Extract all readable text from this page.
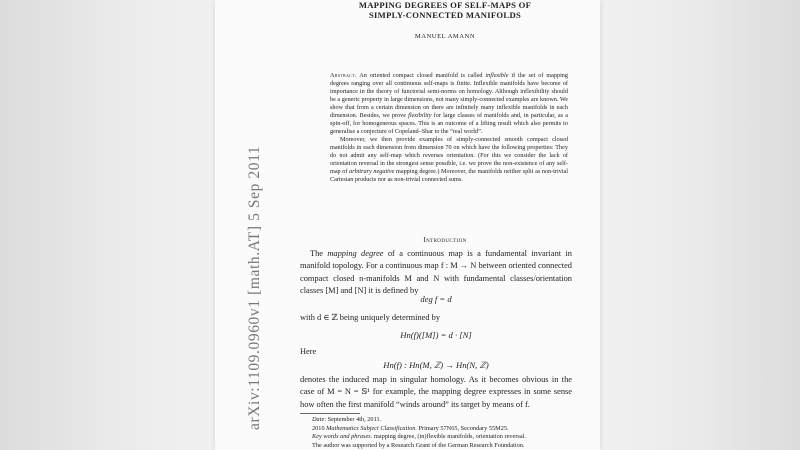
arXiv:1109.0960v1 [math.AT] 5 Sep 2011
MAPPING DEGREES OF SELF-MAPS OF
SIMPLY-CONNECTED MANIFOLDS
MANUEL AMANN

Abstract. An oriented compact closed manifold is called inflexible if the set of mapping degrees ranging over all continuous self-maps is finite. Inflexible manifolds have become of importance in the theory of functorial semi-norms on homology. Although inflexibility should be a generic property in large dimensions, not many simply-connected examples are known. We show that from a certain dimension on there are infinitely many inflexible manifolds in each dimension. Besides, we prove flexibility for large classes of manifolds and, in particular, as a spin-off, for homogeneous spaces. This is an outcome of a lifting result which also permits to generalise a conjecture of Copeland–Shar to the “real world”.

Moreover, we then provide examples of simply-connected smooth compact closed manifolds in each dimension from dimension 70 on which have the following properties: They do not admit any self-map which reverses orientation. (For this we consider the lack of orientation reversal in the strongest sense possible, i.e. we prove the non-existence of any self-map of arbitrary negative mapping degree.) Moreover, the manifolds neither split as non-trivial Cartesian products nor as non-trivial connected sums.

Introduction

The mapping degree of a continuous map is a fundamental invariant in manifold topology. For a continuous map f : M → N between oriented connected compact closed n-manifolds M and N with fundamental classes/orientation classes [M] and [N] it is defined by

deg f = d

with d ∈ ℤ being uniquely determined by

Hn(f)([M]) = d · [N]

Here

Hn(f) : Hn(M, ℤ) → Hn(N, ℤ)

denotes the induced map in singular homology. As it becomes obvious in the case of M = N = 𝕊¹ for example, the mapping degree expresses in some sense how often the first manifold “winds around” its target by means of f.

Date: September 4th, 2011.

2010 Mathematics Subject Classification. Primary 57N65, Secondary 55M25.

Key words and phrases. mapping degree, (in)flexible manifolds, orientation reversal.

The author was supported by a Research Grant of the German Research Foundation.
